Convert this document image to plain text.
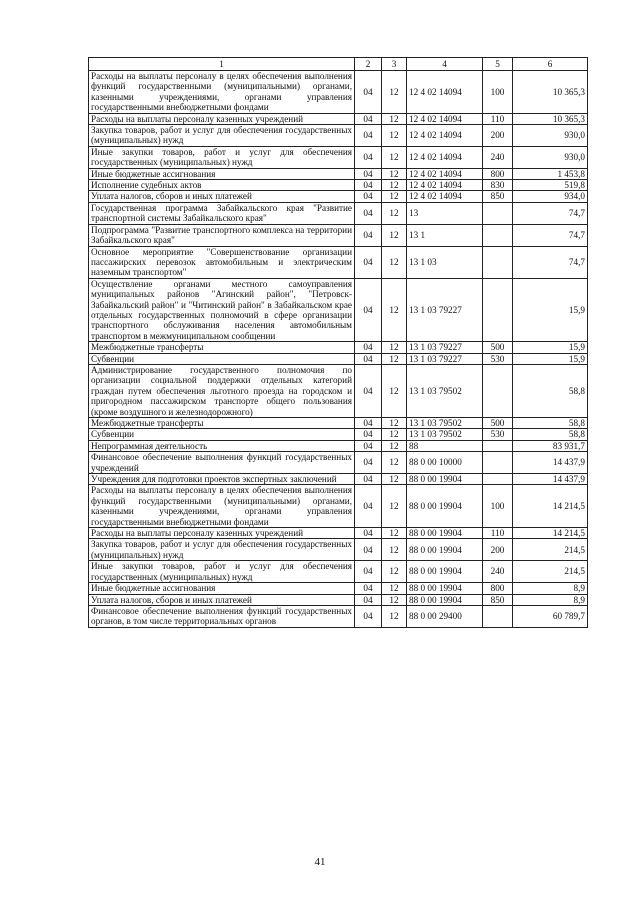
1	2	3	4	5	6
Расходы на выплаты персоналу в целях обеспечения выполнения функций государственными (муниципальными) органами, казенными учреждениями, органами управления государственными внебюджетными фондами	04	12	12 4 02 14094	100	10 365,3
Расходы на выплаты персоналу казенных учреждений	04	12	12 4 02 14094	110	10 365,3
Закупка товаров, работ и услуг для обеспечения государственных (муниципальных) нужд	04	12	12 4 02 14094	200	930,0
Иные закупки товаров, работ и услуг для обеспечения государственных (муниципальных) нужд	04	12	12 4 02 14094	240	930,0
Иные бюджетные ассигнования	04	12	12 4 02 14094	800	1 453,8
Исполнение судебных актов	04	12	12 4 02 14094	830	519,8
Уплата налогов, сборов и иных платежей	04	12	12 4 02 14094	850	934,0
Государственная программа Забайкальского края "Развитие транспортной системы Забайкальского края"	04	12	13		74,7
Подпрограмма "Развитие транспортного комплекса на территории Забайкальского края"	04	12	13 1		74,7
Основное мероприятие "Совершенствование организации пассажирских перевозок автомобильным и электрическим наземным транспортом"	04	12	13 1 03		74,7
Осуществление органами местного самоуправления муниципальных районов "Агинский район", "Петровск-Забайкальский район" и "Читинский район" в Забайкальском крае отдельных государственных полномочий в сфере организации транспортного обслуживания населения автомобильным транспортом в межмуниципальном сообщении	04	12	13 1 03 79227		15,9
Межбюджетные трансферты	04	12	13 1 03 79227	500	15,9
Субвенции	04	12	13 1 03 79227	530	15,9
Администрирование государственного полномочия по организации социальной поддержки отдельных категорий граждан путем обеспечения льготного проезда на городском и пригородном пассажирском транспорте общего пользования (кроме воздушного и железнодорожного)	04	12	13 1 03 79502		58,8
Межбюджетные трансферты	04	12	13 1 03 79502	500	58,8
Субвенции	04	12	13 1 03 79502	530	58,8
Непрограммная деятельность	04	12	88		83 931,7
Финансовое обеспечение выполнения функций государственных учреждений	04	12	88 0 00 10000		14 437,9
Учреждения для подготовки проектов экспертных заключений	04	12	88 0 00 19904		14 437,9
Расходы на выплаты персоналу в целях обеспечения выполнения функций государственными (муниципальными) органами, казенными учреждениями, органами управления государственными внебюджетными фондами	04	12	88 0 00 19904	100	14 214,5
Расходы на выплаты персоналу казенных учреждений	04	12	88 0 00 19904	110	14 214,5
Закупка товаров, работ и услуг для обеспечения государственных (муниципальных) нужд	04	12	88 0 00 19904	200	214,5
Иные закупки товаров, работ и услуг для обеспечения государственных (муниципальных) нужд	04	12	88 0 00 19904	240	214,5
Иные бюджетные ассигнования	04	12	88 0 00 19904	800	8,9
Уплата налогов, сборов и иных платежей	04	12	88 0 00 19904	850	8,9
Финансовое обеспечение выполнения функций государственных органов, в том числе территориальных органов	04	12	88 0 00 29400		60 789,7
41
